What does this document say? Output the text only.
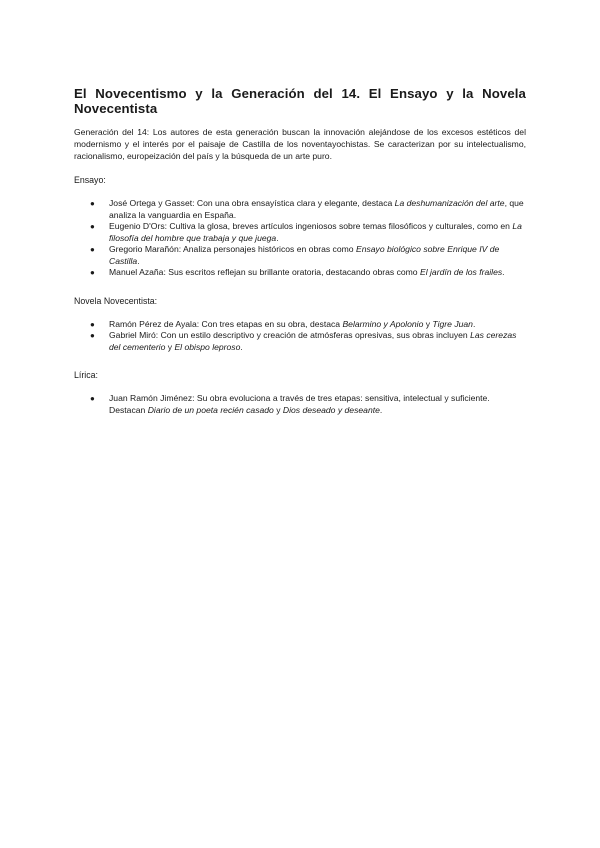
El Novecentismo y la Generación del 14. El Ensayo y la Novela Novecentista

Generación del 14: Los autores de esta generación buscan la innovación alejándose de los excesos estéticos del modernismo y el interés por el paisaje de Castilla de los noventayochistas. Se caracterizan por su intelectualismo, racionalismo, europeización del país y la búsqueda de un arte puro.

Ensayo:
● José Ortega y Gasset: Con una obra ensayística clara y elegante, destaca La deshumanización del arte, que analiza la vanguardia en España.
● Eugenio D'Ors: Cultiva la glosa, breves artículos ingeniosos sobre temas filosóficos y culturales, como en La filosofía del hombre que trabaja y que juega.
● Gregorio Marañón: Analiza personajes históricos en obras como Ensayo biológico sobre Enrique IV de Castilla.
● Manuel Azaña: Sus escritos reflejan su brillante oratoria, destacando obras como El jardín de los frailes.
Novela Novecentista:
● Ramón Pérez de Ayala: Con tres etapas en su obra, destaca Belarmino y Apolonio y Tigre Juan.
● Gabriel Miró: Con un estilo descriptivo y creación de atmósferas opresivas, sus obras incluyen Las cerezas del cementerio y El obispo leproso.
Lírica:
● Juan Ramón Jiménez: Su obra evoluciona a través de tres etapas: sensitiva, intelectual y suficiente. Destacan Diario de un poeta recién casado y Dios deseado y deseante.
